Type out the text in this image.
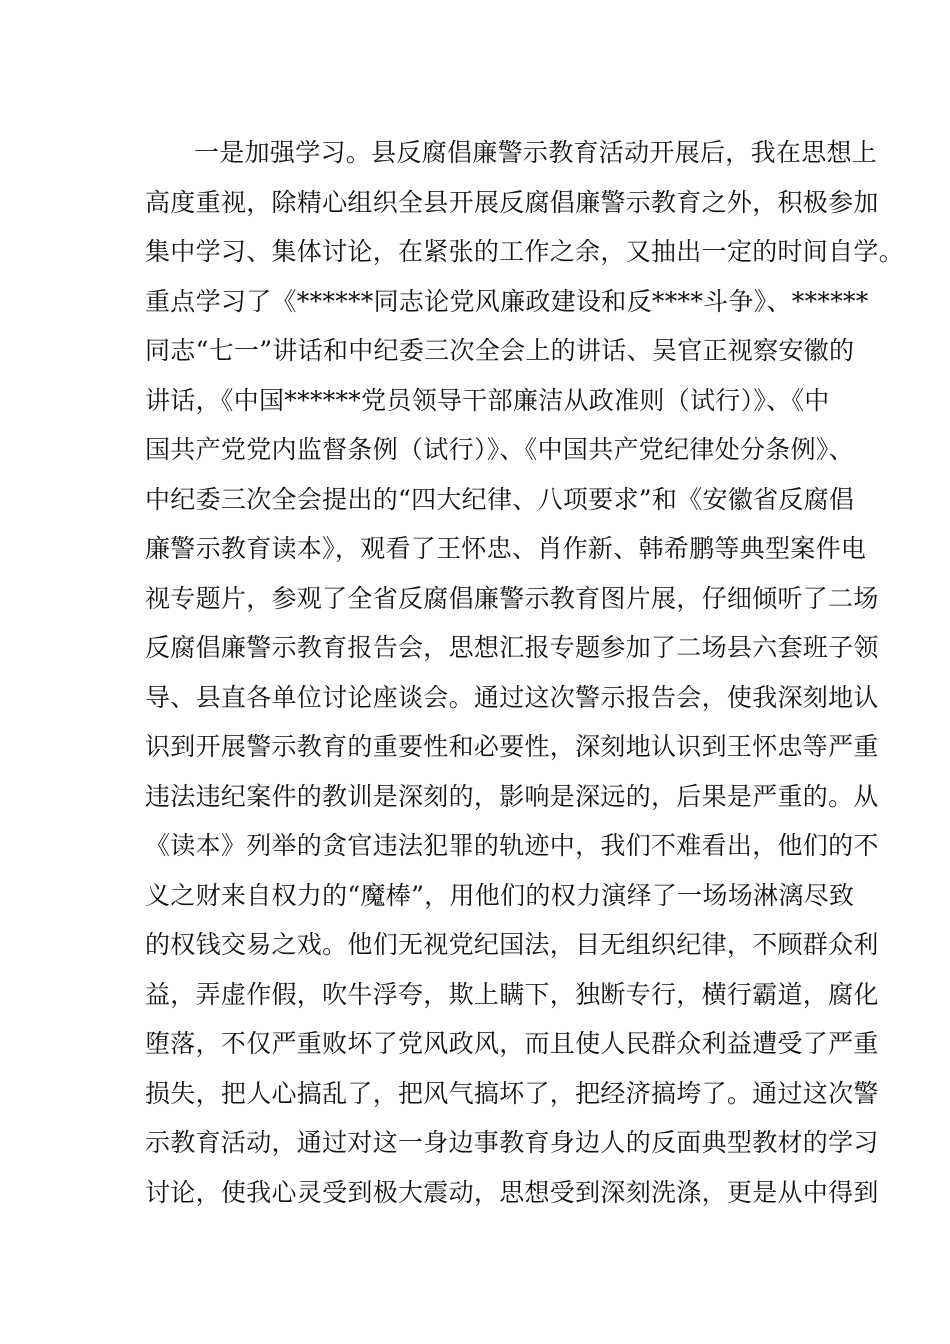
一是加强学习。县反腐倡廉警示教育活动开展后，我在思想上
高度重视，除精心组织全县开展反腐倡廉警示教育之外，积极参加
集中学习、集体讨论，在紧张的工作之余，又抽出一定的时间自学。
重点学习了《******同志论党风廉政建设和反****斗争》、******
同志“七一”讲话和中纪委三次全会上的讲话、吴官正视察安徽的
讲话，《中国******党员领导干部廉洁从政准则（试行）》、《中
国共产党党内监督条例（试行）》、《中国共产党纪律处分条例》、
中纪委三次全会提出的“四大纪律、八项要求”和《安徽省反腐倡
廉警示教育读本》，观看了王怀忠、肖作新、韩希鹏等典型案件电
视专题片，参观了全省反腐倡廉警示教育图片展，仔细倾听了二场
反腐倡廉警示教育报告会，思想汇报专题参加了二场县六套班子领
导、县直各单位讨论座谈会。通过这次警示报告会，使我深刻地认
识到开展警示教育的重要性和必要性，深刻地认识到王怀忠等严重
违法违纪案件的教训是深刻的，影响是深远的，后果是严重的。从
《读本》列举的贪官违法犯罪的轨迹中，我们不难看出，他们的不
义之财来自权力的“魔棒”，用他们的权力演绎了一场场淋漓尽致
的权钱交易之戏。他们无视党纪国法，目无组织纪律，不顾群众利
益，弄虚作假，吹牛浮夸，欺上瞒下，独断专行，横行霸道，腐化
堕落，不仅严重败坏了党风政风，而且使人民群众利益遭受了严重
损失，把人心搞乱了，把风气搞坏了，把经济搞垮了。通过这次警
示教育活动，通过对这一身边事教育身边人的反面典型教材的学习
讨论，使我心灵受到极大震动，思想受到深刻洗涤，更是从中得到
